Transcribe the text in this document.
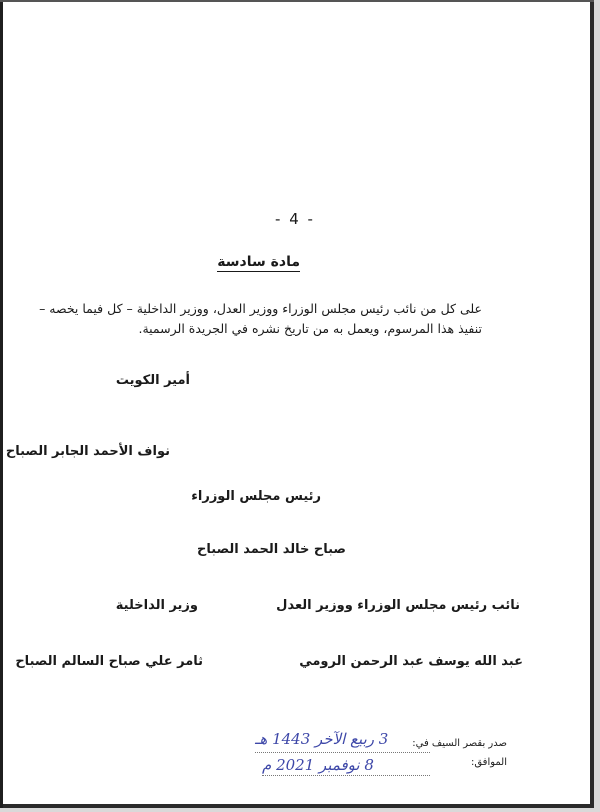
- 4 -
مادة سادسة
على كل من نائب رئيس مجلس الوزراء ووزير العدل، ووزير الداخلية – كل فيما يخصه –
تنفيذ هذا المرسوم، ويعمل به من تاريخ نشره في الجريدة الرسمية.
أمير الكويت
نواف الأحمد الجابر الصباح
رئيس مجلس الوزراء
صباح خالد الحمد الصباح
نائب رئيس مجلس الوزراء ووزير العدل
وزير الداخلية
عبد الله يوسف عبد الرحمن الرومي
ثامر علي صباح السالم الصباح
صدر بقصر السيف في:
الموافق:
3 ربيع الآخر 1443 هـ
8 نوفمبر 2021 م
